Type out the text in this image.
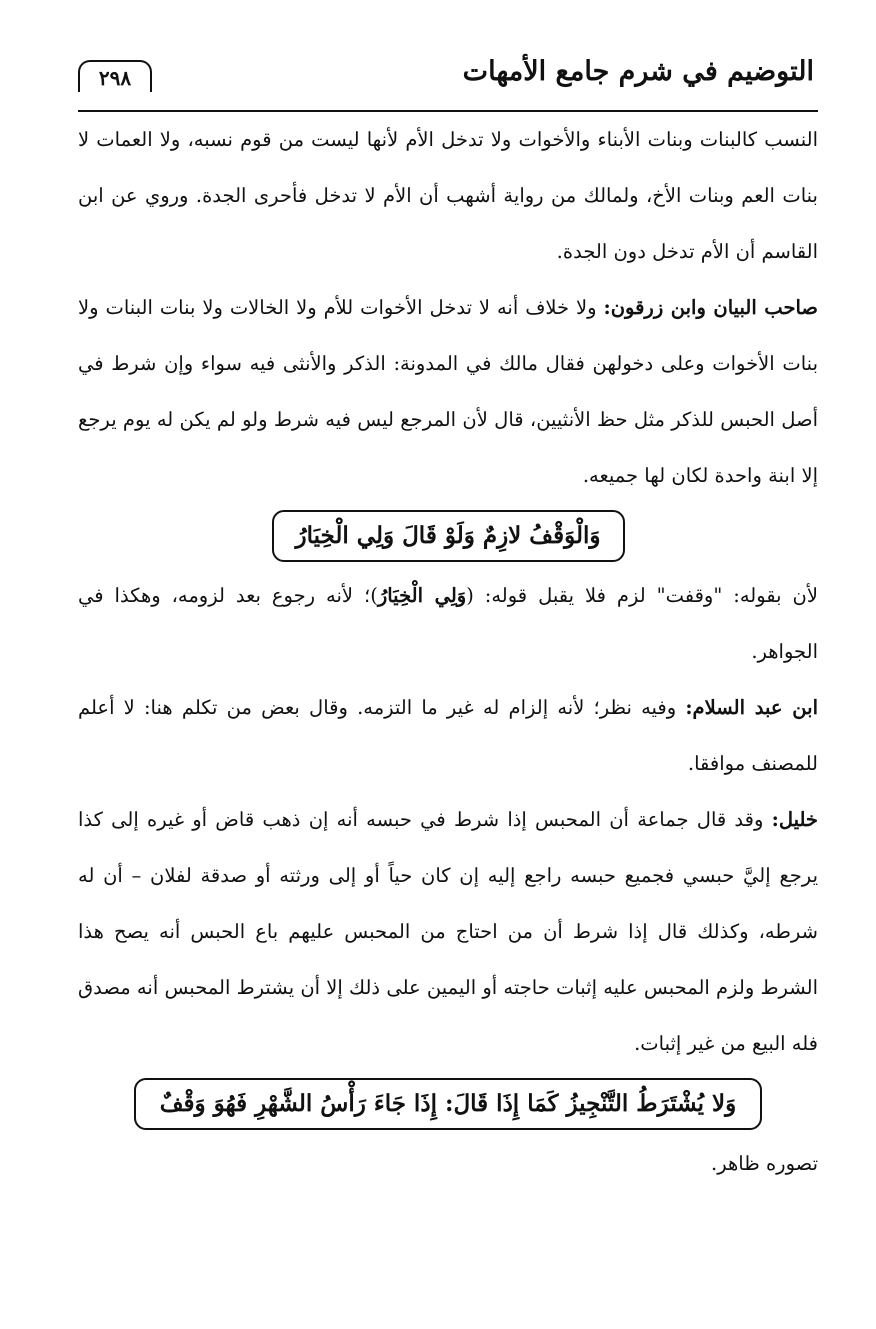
التوضيم في شرم جامع الأمهات
٢٩٨

النسب كالبنات وبنات الأبناء والأخوات ولا تدخل الأم لأنها ليست من قوم نسبه، ولا العمات لا بنات العم وبنات الأخ، ولمالك من رواية أشهب أن الأم لا تدخل فأحرى الجدة. وروي عن ابن القاسم أن الأم تدخل دون الجدة.

صاحب البيان وابن زرقون: ولا خلاف أنه لا تدخل الأخوات للأم ولا الخالات ولا بنات البنات ولا بنات الأخوات وعلى دخولهن فقال مالك في المدونة: الذكر والأنثى فيه سواء وإن شرط في أصل الحبس للذكر مثل حظ الأنثيين، قال لأن المرجع ليس فيه شرط ولو لم يكن له يوم يرجع إلا ابنة واحدة لكان لها جميعه.

وَالْوَقْفُ لازِمٌ وَلَوْ قَالَ وَلِي الْخِيَارُ

لأن بقوله: "وقفت" لزم فلا يقبل قوله: (وَلِي الْخِيَارُ)؛ لأنه رجوع بعد لزومه، وهكذا في الجواهر.

ابن عبد السلام: وفيه نظر؛ لأنه إلزام له غير ما التزمه. وقال بعض من تكلم هنا: لا أعلم للمصنف موافقا.

خليل: وقد قال جماعة أن المحبس إذا شرط في حبسه أنه إن ذهب قاض أو غيره إلى كذا يرجع إليَّ حبسي فجميع حبسه راجع إليه إن كان حياً أو إلى ورثته أو صدقة لفلان – أن له شرطه، وكذلك قال إذا شرط أن من احتاج من المحبس عليهم باع الحبس أنه يصح هذا الشرط ولزم المحبس عليه إثبات حاجته أو اليمين على ذلك إلا أن يشترط المحبس أنه مصدق فله البيع من غير إثبات.

وَلا يُشْتَرَطُ التَّنْجِيزُ كَمَا إِذَا قَالَ: إِذَا جَاءَ رَأْسُ الشَّهْرِ فَهُوَ وَقْفٌ

تصوره ظاهر.
